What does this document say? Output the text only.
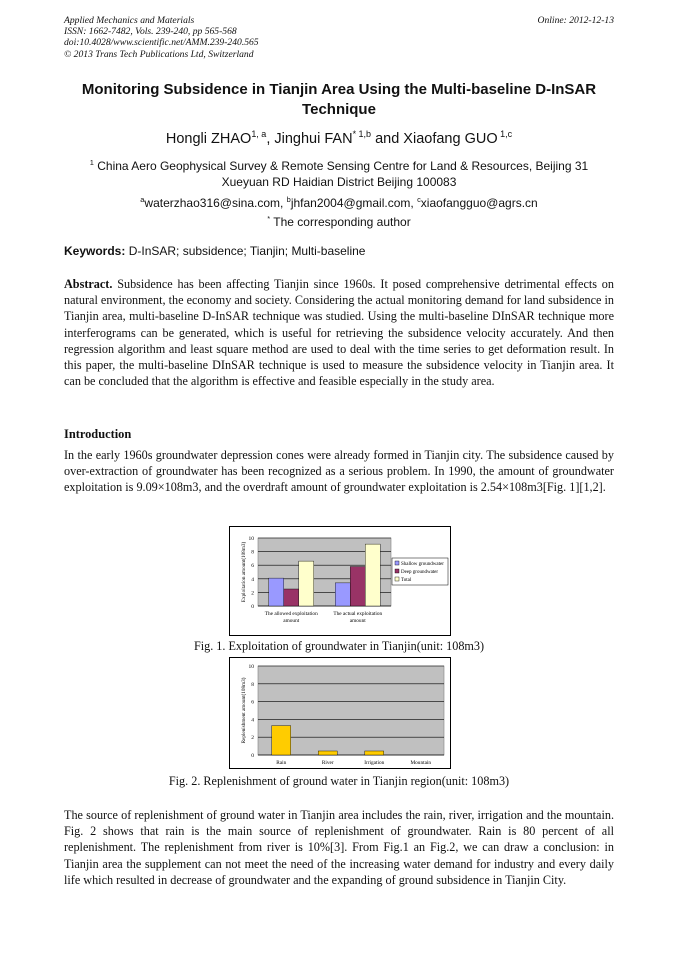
Applied Mechanics and Materials
ISSN: 1662-7482, Vols. 239-240, pp 565-568
doi:10.4028/www.scientific.net/AMM.239-240.565
© 2013 Trans Tech Publications Ltd, Switzerland
Online: 2012-12-13
Monitoring Subsidence in Tianjin Area Using the Multi-baseline D-InSAR Technique
Hongli ZHAO$^{1, a}$, Jinghui FAN$^{* 1,b}$ and Xiaofang GUO $^{1,c}$
$^1$ China Aero Geophysical Survey & Remote Sensing Centre for Land & Resources, Beijing 31
Xueyuan RD Haidian District Beijing 100083
$^a$waterzhao316@sina.com, $^b$jhfan2004@gmail.com, $^c$xiaofangguo@agrs.cn
* The corresponding author
Keywords: D-InSAR; subsidence; Tianjin; Multi-baseline
Abstract. Subsidence has been affecting Tianjin since 1960s. It posed comprehensive detrimental effects on natural environment, the economy and society. Considering the actual monitoring demand for land subsidence in Tianjin area, multi-baseline D-InSAR technique was studied. Using the multi-baseline DInSAR technique more interferograms can be generated, which is useful for retrieving the subsidence velocity accurately. And then regression algorithm and least square method are used to deal with the time series to get deformation result. In this paper, the multi-baseline DInSAR technique is used to measure the subsidence velocity in Tianjin area. It can be concluded that the algorithm is effective and feasible especially in the study area.
Introduction
In the early 1960s groundwater depression cones were already formed in Tianjin city. The subsidence caused by over-extraction of groundwater has been recognized as a serious problem. In 1990, the amount of groundwater exploitation is 9.09×108m3, and the overdraft amount of groundwater exploitation is 2.54×108m3[Fig. 1][1,2].
0
2
4
6
8
10
Exploitation amount(108m3)
The allowed exploitation
amount
The actual exploitation
amount
Shallow groundwater
Deep groundwater
Total
Fig. 1. Exploitation of groundwater in Tianjin(unit: 108m3)
0
2
4
6
8
10
Replenishment amount(108m3)
Rain	River	Irrigation	Mountain
Fig. 2. Replenishment of ground water in Tianjin region(unit: 108m3)
The source of replenishment of ground water in Tianjin area includes the rain, river, irrigation and the mountain. Fig. 2 shows that rain is the main source of replenishment of groundwater. Rain is 80 percent of all replenishment. The replenishment from river is 10%[3]. From Fig.1 an Fig.2, we can draw a conclusion: in Tianjin area the supplement can not meet the need of the increasing water demand for industry and every daily life which resulted in decrease of groundwater and the expanding of ground subsidence in Tianjin City.
